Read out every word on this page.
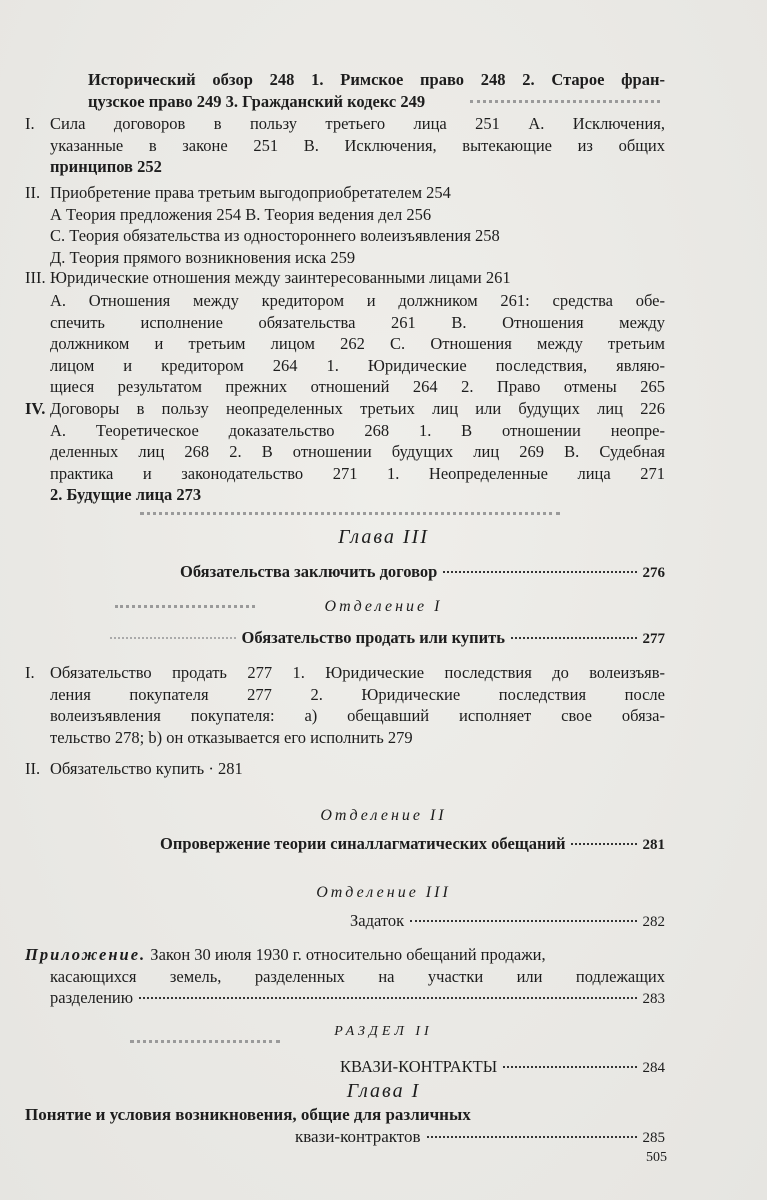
Исторический обзор 248 1. Римское право 248 2. Старое фран-
цузское право 249 3. Гражданский кодекс 249
I. Сила договоров в пользу третьего лица 251 А. Исключения,
указанные в законе 251 В. Исключения, вытекающие из общих
принципов 252
II. Приобретение права третьим выгодоприобретателем 254
А Теория предложения 254 В. Теория ведения дел 256
С. Теория обязательства из одностороннего волеизъявления 258
Д. Теория прямого возникновения иска 259
III. Юридические отношения между заинтересованными лицами 261
А. Отношения между кредитором и должником 261: средства обе-
спечить исполнение обязательства 261 В. Отношения между
должником и третьим лицом 262 С. Отношения между третьим
лицом и кредитором 264 1. Юридические последствия, являю-
щиеся результатом прежних отношений 264 2. Право отмены 265
IV. Договоры в пользу неопределенных третьих лиц или будущих лиц 226
А. Теоретическое доказательство 268 1. В отношении неопре-
деленных лиц 268 2. В отношении будущих лиц 269 В. Судебная
практика и законодательство 271 1. Неопределенные лица 271
2. Будущие лица 273
Глава III
Обязательства заключить договор	276
Отделение I
Обязательство продать или купить	277
I. Обязательство продать 277 1. Юридические последствия до волеизъяв-
ления покупателя 277 2. Юридические последствия после
волеизъявления покупателя: а) обещавший исполняет свое обяза-
тельство 278; b) он отказывается его исполнить 279
II. Обязательство купить · 281
Отделение II
Опровержение теории синаллагматических обещаний	281
Отделение III
Задаток	282
Приложение. Закон 30 июля 1930 г. относительно обещаний продажи,
касающихся земель, разделенных на участки или подлежащих
разделению	283
РАЗДЕЛ II
КВАЗИ-КОНТРАКТЫ	284
Глава I
Понятие и условия возникновения, общие для различных
квази-контрактов	285
505
